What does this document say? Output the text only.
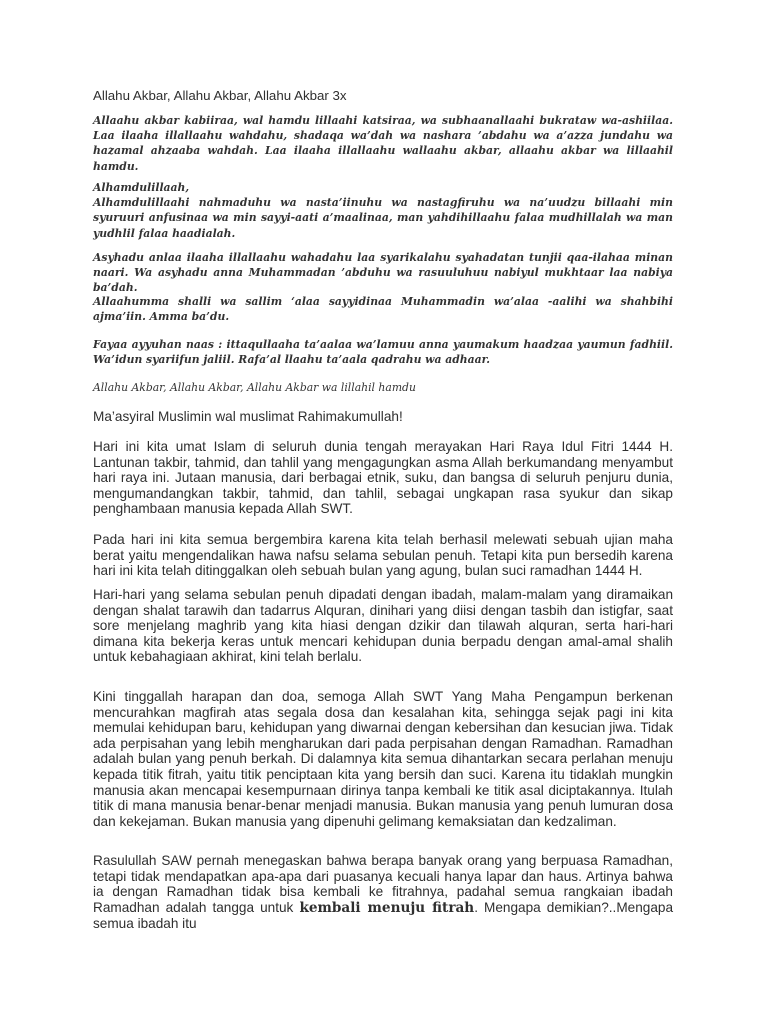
Allahu Akbar, Allahu Akbar, Allahu Akbar 3x

Allaahu akbar kabiiraa, wal hamdu lillaahi katsiraa, wa subhaanallaahi bukrataw wa-ashiilaa. Laa ilaaha illallaahu wahdahu, shadaqa wa’dah wa nashara ’abdahu wa a’azza jundahu wa hazamal ahzaaba wahdah. Laa ilaaha illallaahu wallaahu akbar, allaahu akbar wa lillaahil hamdu.

Alhamdulillaah,
Alhamdulillaahi nahmaduhu wa nasta’iinuhu wa nastagfiruhu wa na’uudzu billaahi min syuruuri anfusinaa wa min sayyi-aati a’maalinaa, man yahdihillaahu falaa mudhillalah wa man yudhlil falaa haadialah.

Asyhadu anlaa ilaaha illallaahu wahadahu laa syarikalahu syahadatan tunjii qaa-ilahaa minan naari. Wa asyhadu anna Muhammadan ’abduhu wa rasuuluhuu nabiyul mukhtaar laa nabiya ba’dah.

Allaahumma shalli wa sallim ‘alaa sayyidinaa Muhammadin wa’alaa -aalihi wa shahbihi ajma’iin. Amma ba’du.

Fayaa ayyuhan naas : ittaqullaaha ta’aalaa wa’lamuu anna yaumakum haadzaa yaumun fadhiil. Wa’idun syariifun jaliil. Rafa’al llaahu ta’aala qadrahu wa adhaar.

Allahu Akbar, Allahu Akbar, Allahu Akbar wa lillahil hamdu

Ma’asyiral Muslimin wal muslimat Rahimakumullah!

Hari ini kita umat Islam di seluruh dunia tengah merayakan Hari Raya Idul Fitri 1444 H. Lantunan takbir, tahmid, dan tahlil yang mengagungkan asma Allah berkumandang menyambut hari raya ini. Jutaan manusia, dari berbagai etnik, suku, dan bangsa di seluruh penjuru dunia, mengumandangkan takbir, tahmid, dan tahlil, sebagai ungkapan rasa syukur dan sikap penghambaan manusia kepada Allah SWT.

Pada hari ini kita semua bergembira karena kita telah berhasil melewati sebuah ujian maha berat yaitu mengendalikan hawa nafsu selama sebulan penuh. Tetapi kita pun bersedih karena hari ini kita telah ditinggalkan oleh sebuah bulan yang agung, bulan suci ramadhan 1444 H.

Hari-hari yang selama sebulan penuh dipadati dengan ibadah, malam-malam yang diramaikan dengan shalat tarawih dan tadarrus Alquran, dinihari yang diisi dengan tasbih dan istigfar, saat sore menjelang maghrib yang kita hiasi dengan dzikir dan tilawah alquran, serta hari-hari dimana kita bekerja keras untuk mencari kehidupan dunia berpadu dengan amal-amal shalih untuk kebahagiaan akhirat, kini telah berlalu.

Kini tinggallah harapan dan doa, semoga Allah SWT Yang Maha Pengampun berkenan mencurahkan magfirah atas segala dosa dan kesalahan kita, sehingga sejak pagi ini kita memulai kehidupan baru, kehidupan yang diwarnai dengan kebersihan dan kesucian jiwa. Tidak ada perpisahan yang lebih mengharukan dari pada perpisahan dengan Ramadhan. Ramadhan adalah bulan yang penuh berkah. Di dalamnya kita semua dihantarkan secara perlahan menuju kepada titik fitrah, yaitu titik penciptaan kita yang bersih dan suci. Karena itu tidaklah mungkin manusia akan mencapai kesempurnaan dirinya tanpa kembali ke titik asal diciptakannya. Itulah titik di mana manusia benar-benar menjadi manusia. Bukan manusia yang penuh lumuran dosa dan kekejaman. Bukan manusia yang dipenuhi gelimang kemaksiatan dan kedzaliman.

Rasulullah SAW pernah menegaskan bahwa berapa banyak orang yang berpuasa Ramadhan, tetapi tidak mendapatkan apa-apa dari puasanya kecuali hanya lapar dan haus. Artinya bahwa ia dengan Ramadhan tidak bisa kembali ke fitrahnya, padahal semua rangkaian ibadah Ramadhan adalah tangga untuk kembali menuju fitrah. Mengapa demikian?..Mengapa semua ibadah itu
